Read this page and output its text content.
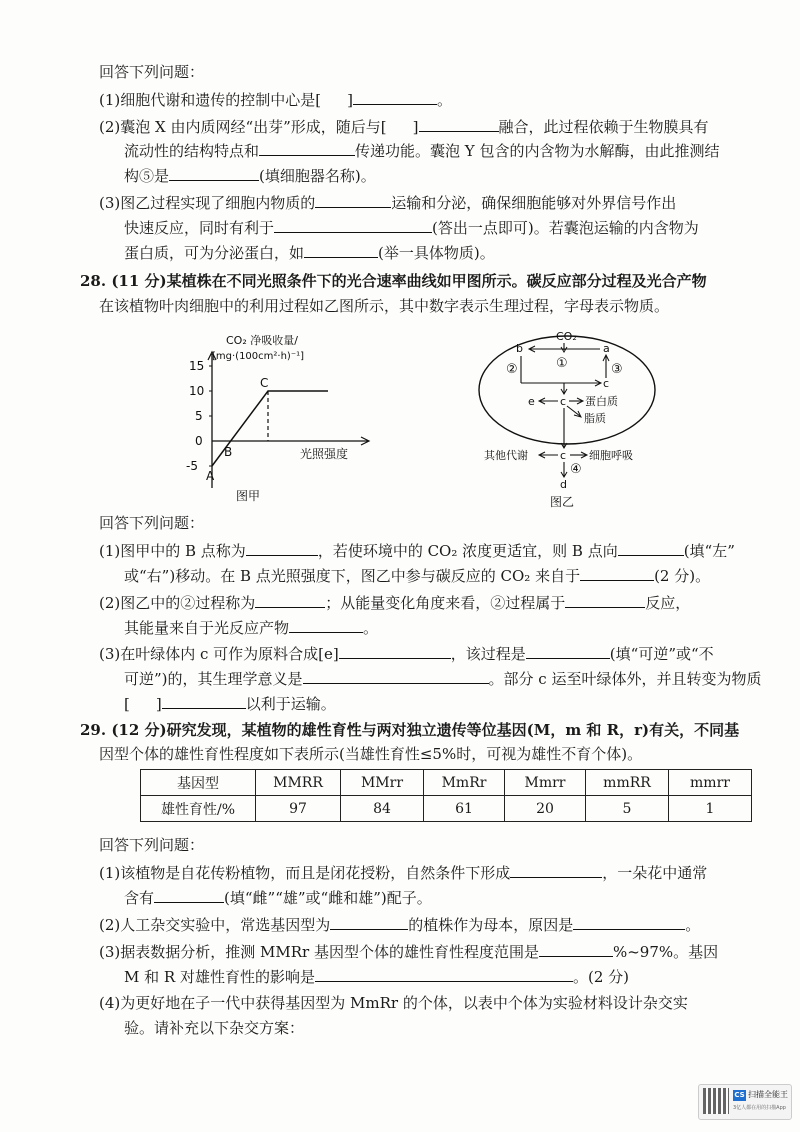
回答下列问题：
(1)细胞代谢和遗传的控制中心是[ ]	。
(2)囊泡 X 由内质网经“出芽”形成，随后与[ ]	融合，此过程依赖于生物膜具有
流动性的结构特点和	传递功能。囊泡 Y 包含的内含物为水解酶，由此推测结
构⑤是	(填细胞器名称)。
(3)图乙过程实现了细胞内物质的	运输和分泌，确保细胞能够对外界信号作出
快速反应，同时有利于	(答出一点即可)。若囊泡运输的内含物为
蛋白质，可为分泌蛋白，如	(举一具体物质)。
28. (11 分)某植株在不同光照条件下的光合速率曲线如甲图所示。碳反应部分过程及光合产物
在该植物叶肉细胞中的利用过程如乙图所示，其中数字表示生理过程，字母表示物质。
CO₂ 净吸收量/
[mg·(100cm²·h)⁻¹]
15
10
5
0
-5
A
B
C
光照强度
图甲
CO₂
b	a
①
c
②	③
e c 蛋白质
脂质
c
其他代谢	细胞呼吸
④
d
图乙
回答下列问题：
(1)图甲中的 B 点称为	，若使环境中的 CO₂ 浓度更适宜，则 B 点向	(填“左”
或“右”)移动。在 B 点光照强度下，图乙中参与碳反应的 CO₂ 来自于	(2 分)。
(2)图乙中的②过程称为	；从能量变化角度来看，②过程属于	反应，
其能量来自于光反应产物	。
(3)在叶绿体内 c 可作为原料合成[e]	，该过程是	(填“可逆”或“不
可逆”)的，其生理学意义是	。部分 c 运至叶绿体外，并且转变为物质
[ ]	以利于运输。
29. (12 分)研究发现，某植物的雄性育性与两对独立遗传等位基因(M，m 和 R，r)有关，不同基
因型个体的雄性育性程度如下表所示(当雄性育性≤5%时，可视为雄性不育个体)。
基因型	MMRR	MMrr	MmRr	Mmrr	mmRR	mmrr
雄性育性/%	97	84	61	20	5	1
回答下列问题：
(1)该植物是自花传粉植物，而且是闭花授粉，自然条件下形成	，一朵花中通常
含有	(填“雌”“雄”或“雌和雄”)配子。
(2)人工杂交实验中，常选基因型为	的植株作为母本，原因是	。
(3)据表数据分析，推测 MMRr 基因型个体的雄性育性程度范围是	%~97%。基因
M 和 R 对雄性育性的影响是	。(2 分)
(4)为更好地在子一代中获得基因型为 MmRr 的个体，以表中个体为实验材料设计杂交实
验。请补充以下杂交方案：
CS 扫描全能王
3亿人都在用的扫描App
